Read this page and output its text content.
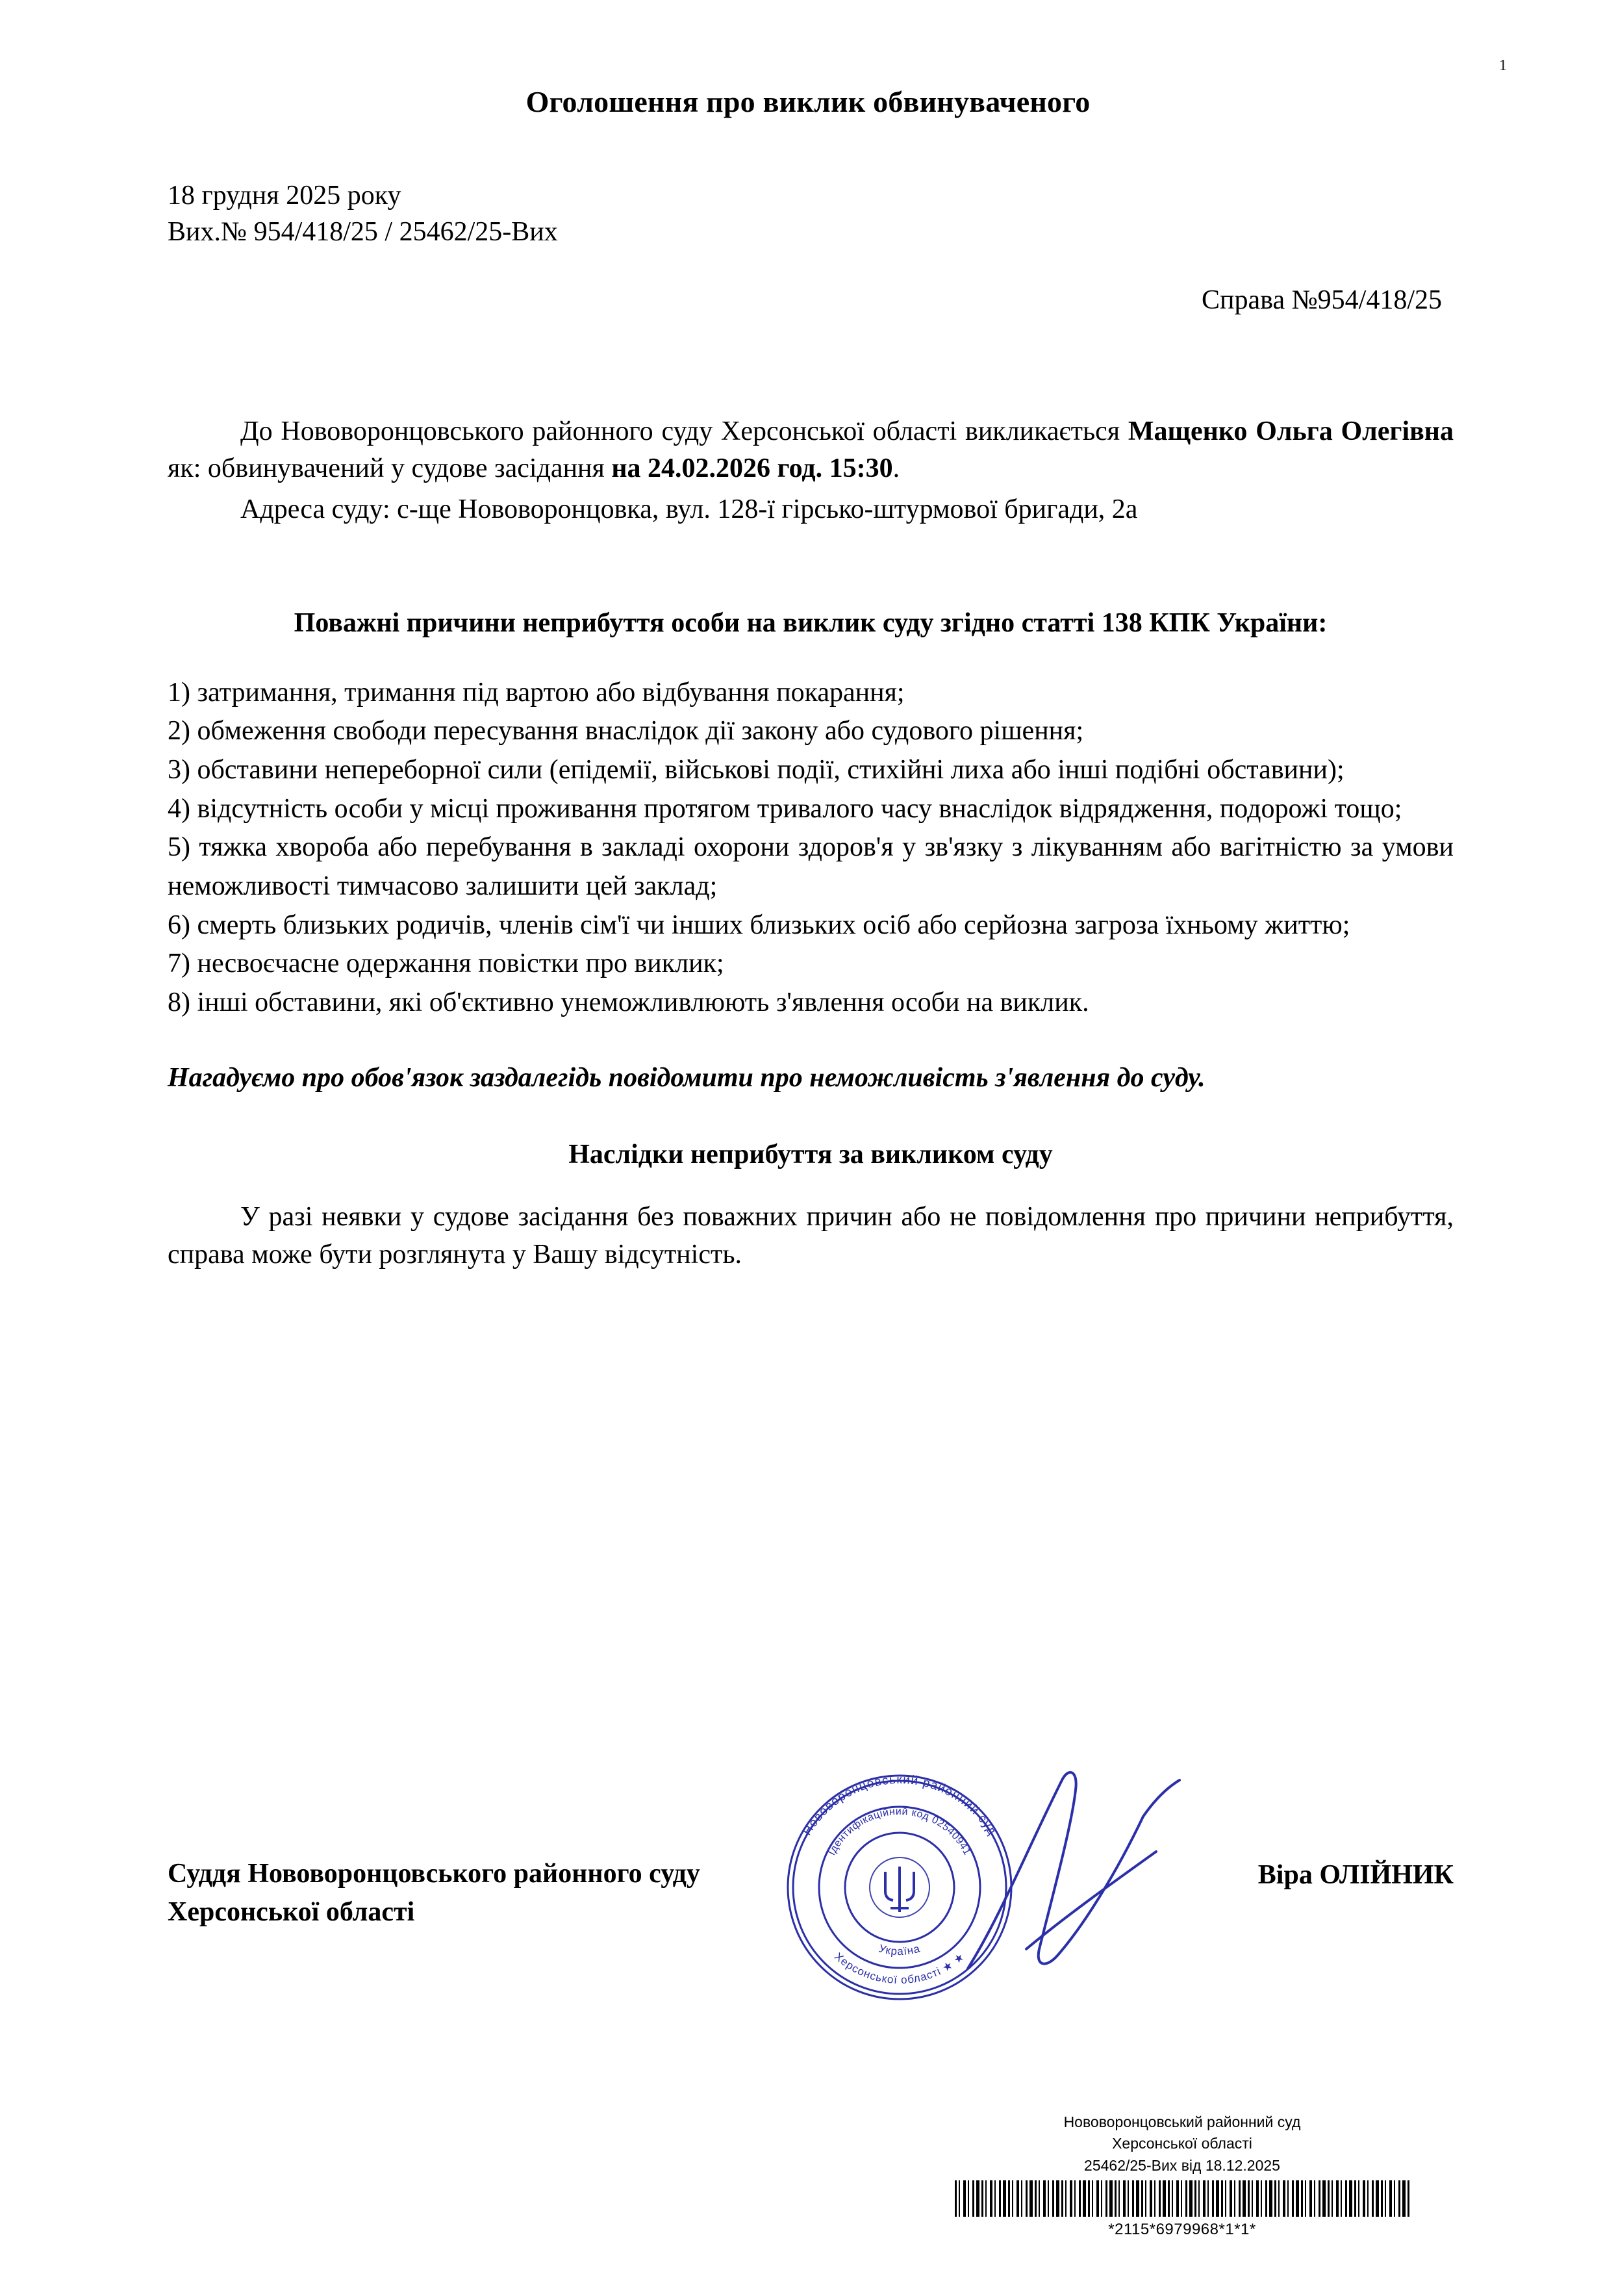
1
Оголошення про виклик обвинуваченого
18 грудня 2025 року
Вих.№ 954/418/25 / 25462/25-Вих
Справа №954/418/25

До Нововоронцовського районного суду Херсонської області викликається Мащенко Ольга Олегівна як: обвинувачений у судове заcідання на 24.02.2026 год. 15:30.

Адреса суду: с-ще Нововоронцовка, вул. 128-ї гірсько-штурмової бригади, 2а

Поважні причини неприбуття особи на виклик суду згідно статті 138 КПК України:

1) затримання, тримання під вартою або відбування покарання;

2) обмеження свободи пересування внаслідок дії закону або судового рішення;

3) обставини непереборної сили (епідемії, військові події, стихійні лиха або інші подібні обставини);

4) відсутність особи у місці проживання протягом тривалого часу внаслідок відрядження, подорожі тощо;

5) тяжка хвороба або перебування в закладі охорони здоров'я у зв'язку з лікуванням або вагітністю за умови неможливості тимчасово залишити цей заклад;

6) смерть близьких родичів, членів сім'ї чи інших близьких осіб або серйозна загроза їхньому життю;

7) несвоєчасне одержання повістки про виклик;

8) інші обставини, які об'єктивно унеможливлюють з'явлення особи на виклик.

Нагадуємо про обов'язок заздалегідь повідомити про неможливість з'явлення до суду.
Наслідки неприбуття за викликом суду
У разі неявки у судове засідання без поважних причин або не повідомлення про причини неприбуття, справа може бути розглянута у Вашу відсутність.
Нововоронцовський районний суд
Херсонської області ★ ★
Ідентифікаційний код 02540941
Україна
Суддя Нововоронцовського районного суду
Херсонської області
Віра ОЛІЙНИК
Нововоронцовський районний суд
Херсонської області
25462/25-Вих від 18.12.2025
*2115*6979968*1*1*
